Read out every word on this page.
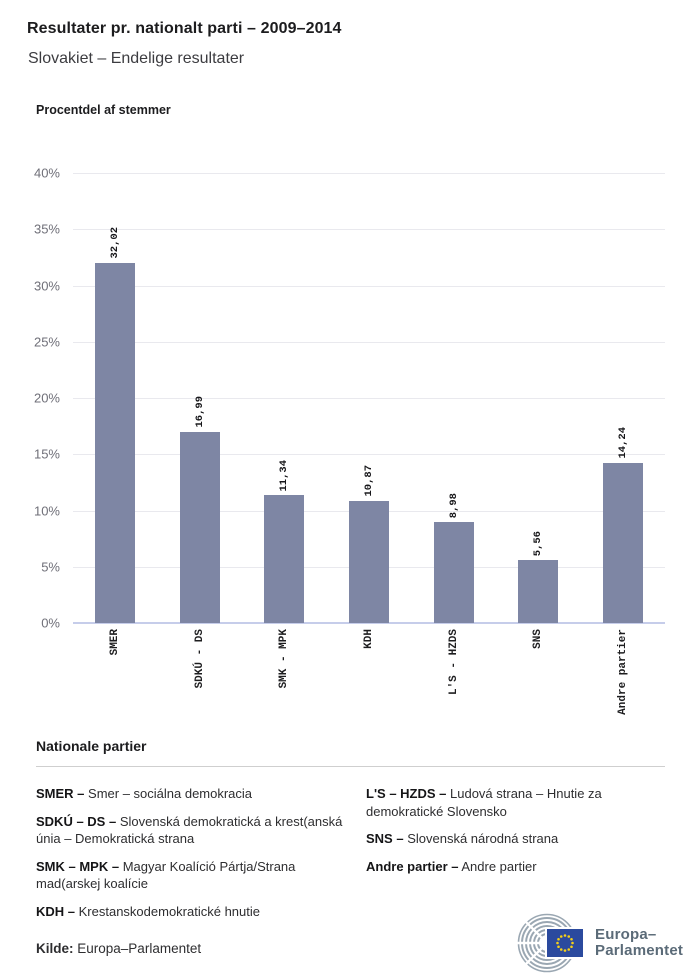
Resultater pr. nationalt parti – 2009–2014
Slovakiet – Endelige resultater
Procentdel af stemmer
32,02
16,99
11,34	10,87
8,98
5,56
14,24
40%
35%
30%
25%
20%
15%
10%
5%
0%
SMER	SDKÚ - DS	SMK - MPK	KDH	L'S - HZDS	SNS	Andre partier

Nationale partier

SMER – Smer – sociálna demokracia

SDKÚ – DS – Slovenská demokratická a krest(anská únia – Demokratická strana

SMK – MPK – Magyar Koalíció Pártja/Strana mad(arskej koalície

KDH – Krestanskodemokratické hnutie

L'S – HZDS – Ludová strana – Hnutie za demokratické Slovensko

SNS – Slovenská národná strana

Andre partier – Andre partier

Kilde: Europa–Parlamentet
Europa–
Parlamentet
